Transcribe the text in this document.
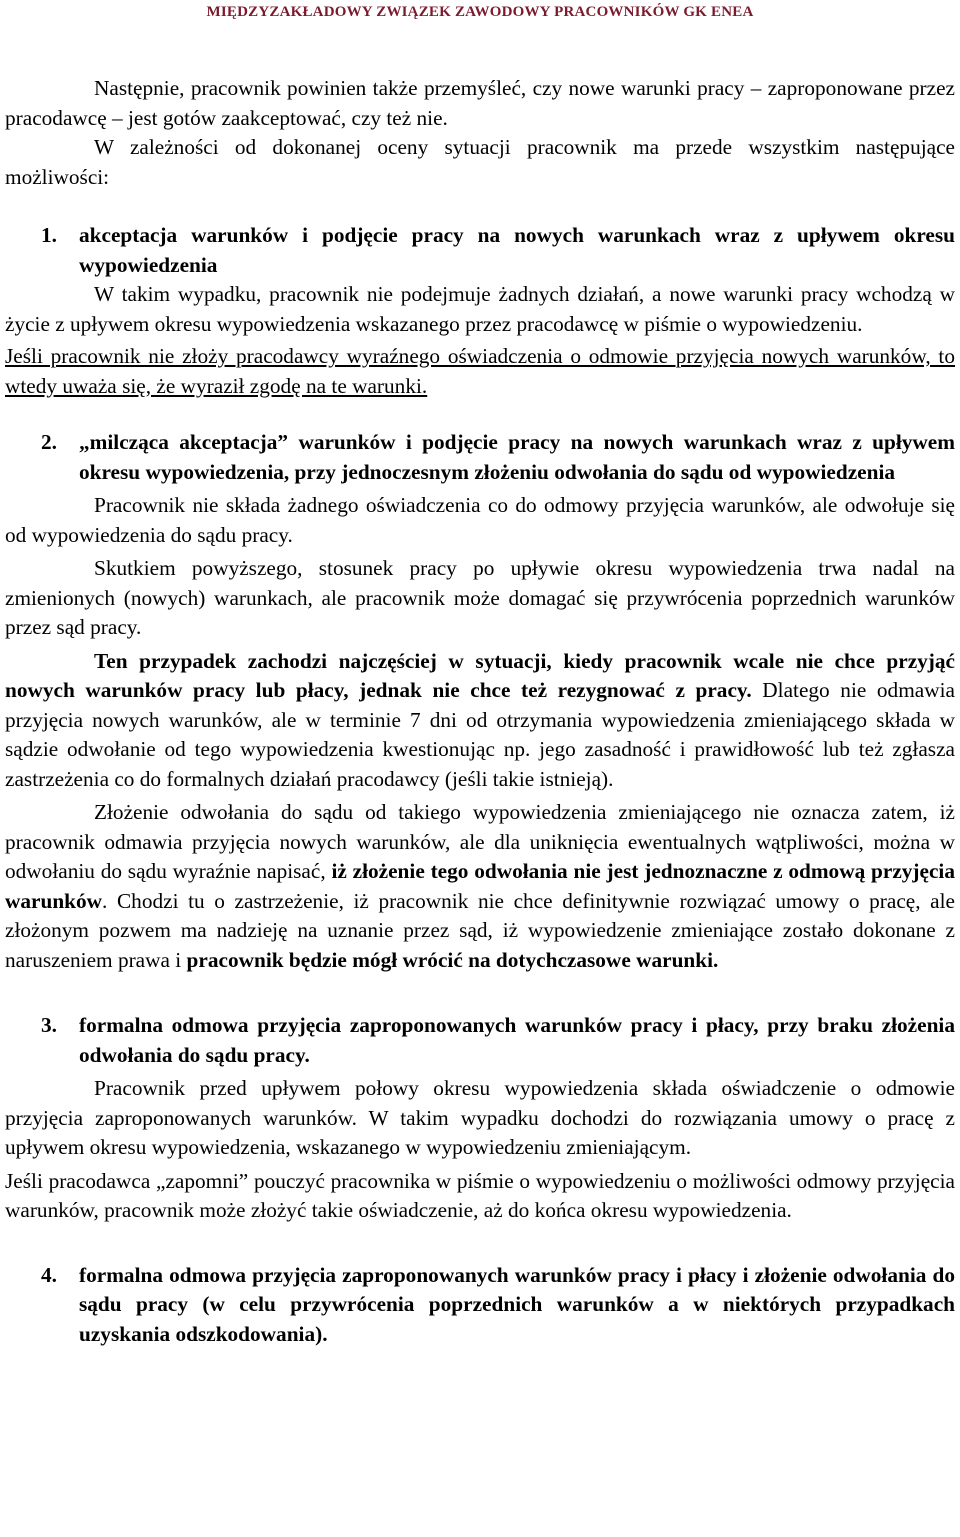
MIĘDZYZAKŁADOWY ZWIĄZEK ZAWODOWY PRACOWNIKÓW GK ENEA

Następnie, pracownik powinien także przemyśleć, czy nowe warunki pracy – zaproponowane przez pracodawcę – jest gotów zaakceptować, czy też nie.

W zależności od dokonanej oceny sytuacji pracownik ma przede wszystkim następujące możliwości:

1. akceptacja warunków i podjęcie pracy na nowych warunkach wraz z upływem okresu wypowiedzenia

W takim wypadku, pracownik nie podejmuje żadnych działań, a nowe warunki pracy wchodzą w życie z upływem okresu wypowiedzenia wskazanego przez pracodawcę w piśmie o wypowiedzeniu.

Jeśli pracownik nie złoży pracodawcy wyraźnego oświadczenia o odmowie przyjęcia nowych warunków, to wtedy uważa się, że wyraził zgodę na te warunki.

2. „milcząca akceptacja” warunków i podjęcie pracy na nowych warunkach wraz z upływem okresu wypowiedzenia, przy jednoczesnym złożeniu odwołania do sądu od wypowiedzenia

Pracownik nie składa żadnego oświadczenia co do odmowy przyjęcia warunków, ale odwołuje się od wypowiedzenia do sądu pracy.

Skutkiem powyższego, stosunek pracy po upływie okresu wypowiedzenia trwa nadal na zmienionych (nowych) warunkach, ale pracownik może domagać się przywrócenia poprzednich warunków przez sąd pracy.

Ten przypadek zachodzi najczęściej w sytuacji, kiedy pracownik wcale nie chce przyjąć nowych warunków pracy lub płacy, jednak nie chce też rezygnować z pracy. Dlatego nie odmawia przyjęcia nowych warunków, ale w terminie 7 dni od otrzymania wypowiedzenia zmieniającego składa w sądzie odwołanie od tego wypowiedzenia kwestionując np. jego zasadność i prawidłowość lub też zgłasza zastrzeżenia co do formalnych działań pracodawcy (jeśli takie istnieją).

Złożenie odwołania do sądu od takiego wypowiedzenia zmieniającego nie oznacza zatem, iż pracownik odmawia przyjęcia nowych warunków, ale dla uniknięcia ewentualnych wątpliwości, można w odwołaniu do sądu wyraźnie napisać, iż złożenie tego odwołania nie jest jednoznaczne z odmową przyjęcia warunków. Chodzi tu o zastrzeżenie, iż pracownik nie chce definitywnie rozwiązać umowy o pracę, ale złożonym pozwem ma nadzieję na uznanie przez sąd, iż wypowiedzenie zmieniające zostało dokonane z naruszeniem prawa i pracownik będzie mógł wrócić na dotychczasowe warunki.

3. formalna odmowa przyjęcia zaproponowanych warunków pracy i płacy, przy braku złożenia odwołania do sądu pracy.

Pracownik przed upływem połowy okresu wypowiedzenia składa oświadczenie o odmowie przyjęcia zaproponowanych warunków. W takim wypadku dochodzi do rozwiązania umowy o pracę z upływem okresu wypowiedzenia, wskazanego w wypowiedzeniu zmieniającym.

Jeśli pracodawca „zapomni” pouczyć pracownika w piśmie o wypowiedzeniu o możliwości odmowy przyjęcia warunków, pracownik może złożyć takie oświadczenie, aż do końca okresu wypowiedzenia.

4. formalna odmowa przyjęcia zaproponowanych warunków pracy i płacy i złożenie odwołania do sądu pracy (w celu przywrócenia poprzednich warunków a w niektórych przypadkach uzyskania odszkodowania).
